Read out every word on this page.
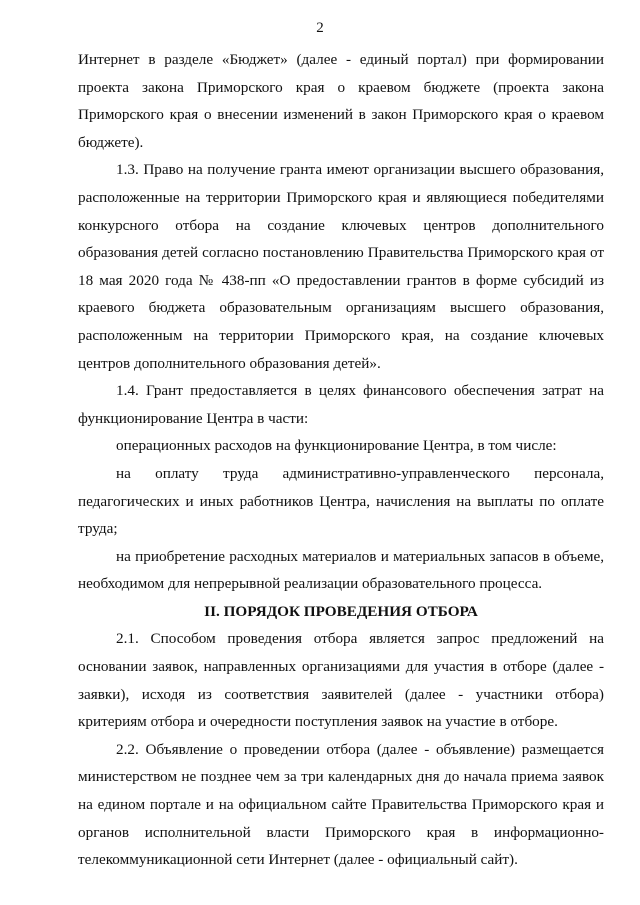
2

Интернет в разделе «Бюджет» (далее - единый портал) при формировании проекта закона Приморского края о краевом бюджете (проекта закона Приморского края о внесении изменений в закон Приморского края о краевом бюджете).

1.3. Право на получение гранта имеют организации высшего образования, расположенные на территории Приморского края и являющиеся победителями конкурсного отбора на создание ключевых центров дополнительного образования детей согласно постановлению Правительства Приморского края от 18 мая 2020 года № 438-пп «О предоставлении грантов в форме субсидий из краевого бюджета образовательным организациям высшего образования, расположенным на территории Приморского края, на создание ключевых центров дополнительного образования детей».

1.4. Грант предоставляется в целях финансового обеспечения затрат на функционирование Центра в части:

операционных расходов на функционирование Центра, в том числе:

на оплату труда административно-управленческого персонала, педагогических и иных работников Центра, начисления на выплаты по оплате труда;

на приобретение расходных материалов и материальных запасов в объеме, необходимом для непрерывной реализации образовательного процесса.

II. ПОРЯДОК ПРОВЕДЕНИЯ ОТБОРА

2.1. Способом проведения отбора является запрос предложений на основании заявок, направленных организациями для участия в отборе (далее - заявки), исходя из соответствия заявителей (далее - участники отбора) критериям отбора и очередности поступления заявок на участие в отборе.

2.2. Объявление о проведении отбора (далее - объявление) размещается министерством не позднее чем за три календарных дня до начала приема заявок на едином портале и на официальном сайте Правительства Приморского края и органов исполнительной власти Приморского края в информационно-телекоммуникационной сети Интернет (далее - официальный сайт).
